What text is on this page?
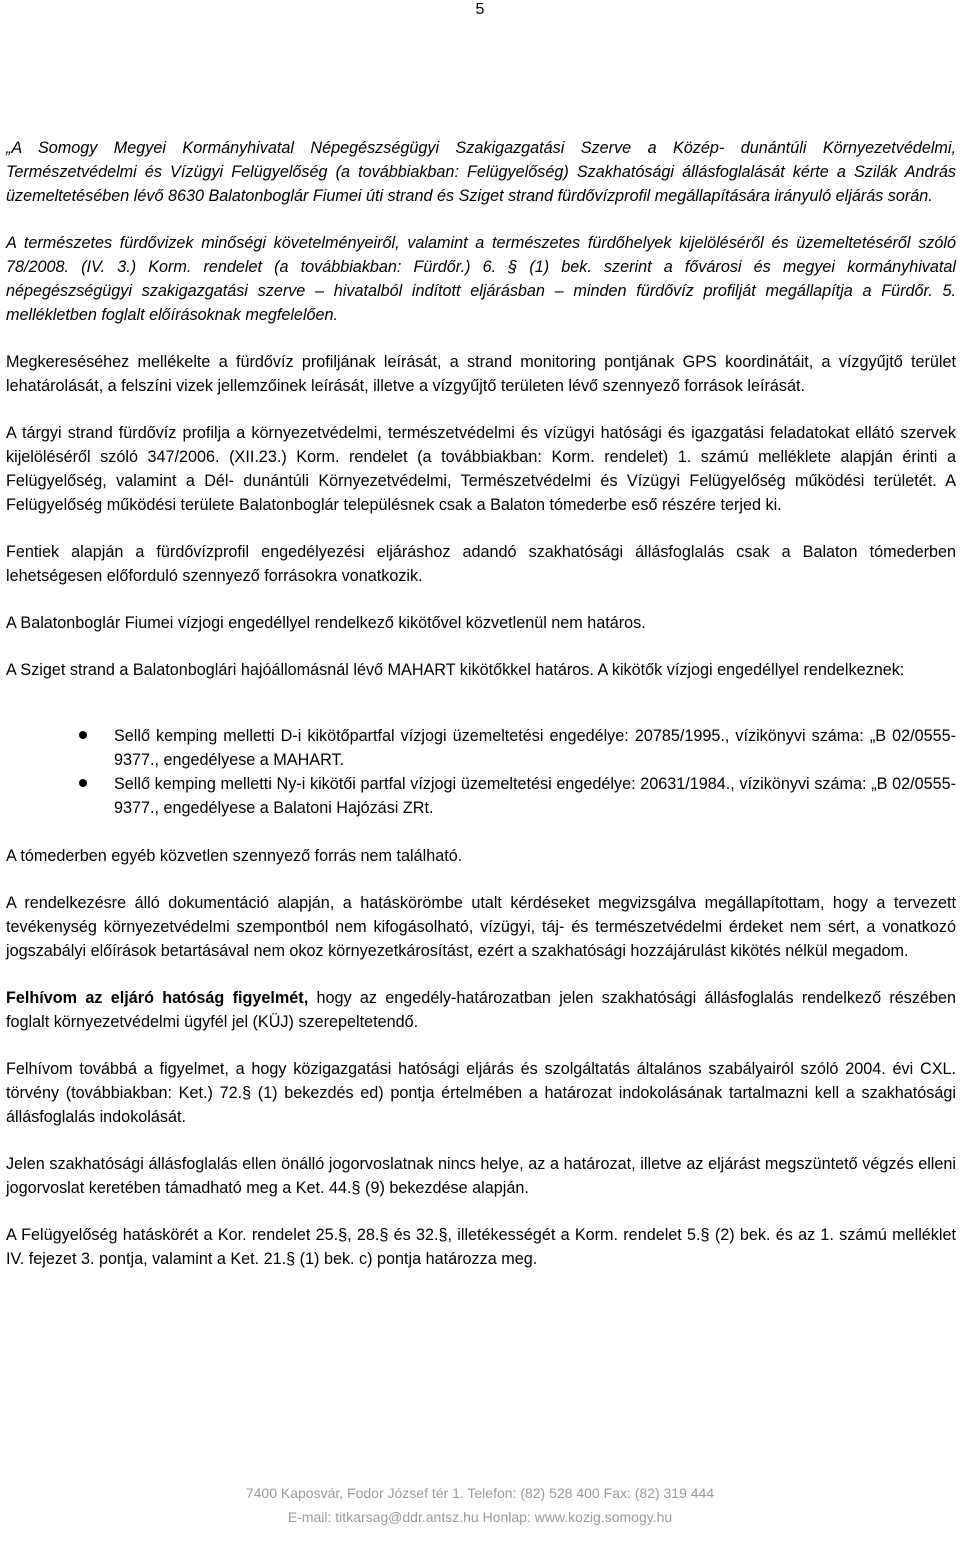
5

„A Somogy Megyei Kormányhivatal Népegészségügyi Szakigazgatási Szerve a Közép- dunántúli Környezetvédelmi, Természetvédelmi és Vízügyi Felügyelőség (a továbbiakban: Felügyelőség) Szakhatósági állásfoglalását kérte a Szilák András üzemeltetésében lévő 8630 Balatonboglár Fiumei úti strand és Sziget strand fürdővízprofil megállapítására irányuló eljárás során.

A természetes fürdővizek minőségi követelményeiről, valamint a természetes fürdőhelyek kijelöléséről és üzemeltetéséről szóló 78/2008. (IV. 3.) Korm. rendelet (a továbbiakban: Fürdőr.) 6. § (1) bek. szerint a fővárosi és megyei kormányhivatal népegészségügyi szakigazgatási szerve – hivatalból indított eljárásban – minden fürdővíz profilját megállapítja a Fürdőr. 5. mellékletben foglalt előírásoknak megfelelően.

Megkereséséhez mellékelte a fürdővíz profiljának leírását, a strand monitoring pontjának GPS koordinátáit, a vízgyűjtő terület lehatárolását, a felszíni vizek jellemzőinek leírását, illetve a vízgyűjtő területen lévő szennyező források leírását.

A tárgyi strand fürdővíz profilja a környezetvédelmi, természetvédelmi és vízügyi hatósági és igazgatási feladatokat ellátó szervek kijelöléséről szóló 347/2006. (XII.23.) Korm. rendelet (a továbbiakban: Korm. rendelet) 1. számú melléklete alapján érinti a Felügyelőség, valamint a Dél- dunántúli Környezetvédelmi, Természetvédelmi és Vízügyi Felügyelőség működési területét. A Felügyelőség működési területe Balatonboglár településnek csak a Balaton tómederbe eső részére terjed ki.

Fentiek alapján a fürdővízprofil engedélyezési eljáráshoz adandó szakhatósági állásfoglalás csak a Balaton tómederben lehetségesen előforduló szennyező forrásokra vonatkozik.

A Balatonboglár Fiumei vízjogi engedéllyel rendelkező kikötővel közvetlenül nem határos.

A Sziget strand a Balatonboglári hajóállomásnál lévő MAHART kikötőkkel határos. A kikötők vízjogi engedéllyel rendelkeznek:

Sellő kemping melletti D-i kikötőpartfal vízjogi üzemeltetési engedélye: 20785/1995., vízikönyvi száma: „B 02/0555-9377., engedélyese a MAHART.
Sellő kemping melletti Ny-i kikötői partfal vízjogi üzemeltetési engedélye: 20631/1984., vízikönyvi száma: „B 02/0555-9377., engedélyese a Balatoni Hajózási ZRt.

A tómederben egyéb közvetlen szennyező forrás nem található.

A rendelkezésre álló dokumentáció alapján, a hatáskörömbe utalt kérdéseket megvizsgálva megállapítottam, hogy a tervezett tevékenység környezetvédelmi szempontból nem kifogásolható, vízügyi, táj- és természetvédelmi érdeket nem sért, a vonatkozó jogszabályi előírások betartásával nem okoz környezetkárosítást, ezért a szakhatósági hozzájárulást kikötés nélkül megadom.

Felhívom az eljáró hatóság figyelmét, hogy az engedély-határozatban jelen szakhatósági állásfoglalás rendelkező részében foglalt környezetvédelmi ügyfél jel (KÜJ) szerepeltetendő.

Felhívom továbbá a figyelmet, a hogy közigazgatási hatósági eljárás és szolgáltatás általános szabályairól szóló 2004. évi CXL. törvény (továbbiakban: Ket.) 72.§ (1) bekezdés ed) pontja értelmében a határozat indokolásának tartalmazni kell a szakhatósági állásfoglalás indokolását.

Jelen szakhatósági állásfoglalás ellen önálló jogorvoslatnak nincs helye, az a határozat, illetve az eljárást megszüntető végzés elleni jogorvoslat keretében támadható meg a Ket. 44.§ (9) bekezdése alapján.

A Felügyelőség hatáskörét a Kor. rendelet 25.§, 28.§ és 32.§, illetékességét a Korm. rendelet 5.§ (2) bek. és az 1. számú melléklet IV. fejezet 3. pontja, valamint a Ket. 21.§ (1) bek. c) pontja határozza meg.

7400 Kaposvár, Fodor József tér 1. Telefon: (82) 528 400 Fax: (82) 319 444
E-mail: titkarsag@ddr.antsz.hu Honlap: www.kozig.somogy.hu
